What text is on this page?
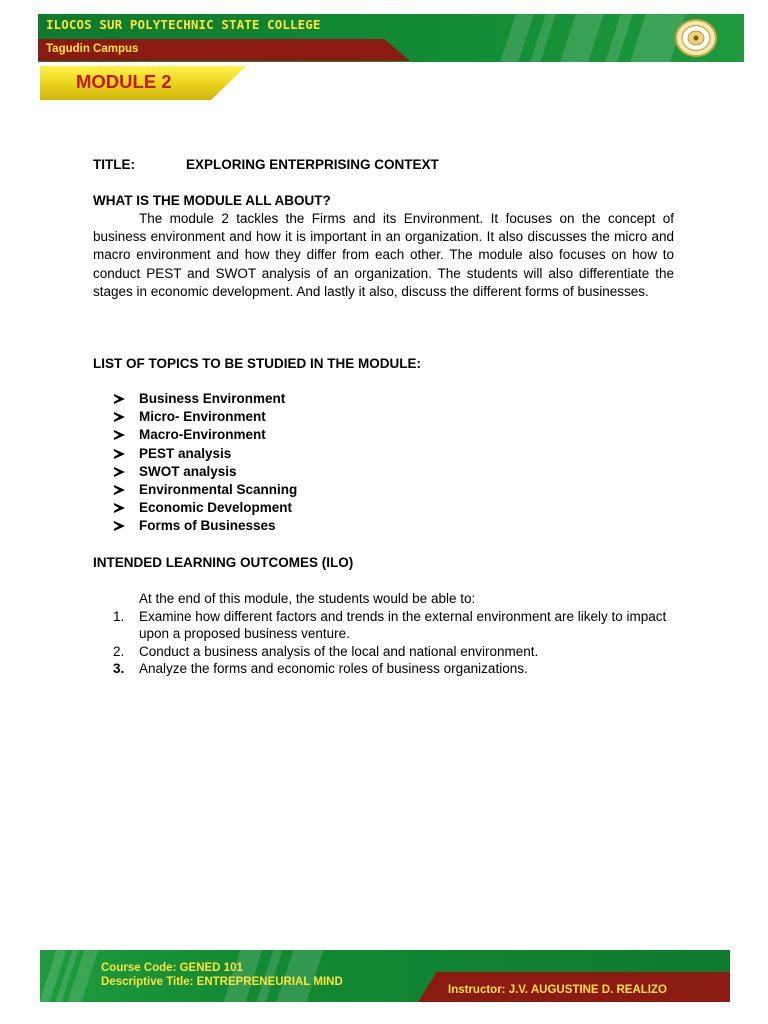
ILOCOS SUR POLYTECHNIC STATE COLLEGE
Tagudin Campus
MODULE 2
TITLE:	EXPLORING ENTERPRISING CONTEXT
WHAT IS THE MODULE ALL ABOUT?

The module 2 tackles the Firms and its Environment. It focuses on the concept of business environment and how it is important in an organization. It also discusses the micro and macro environment and how they differ from each other. The module also focuses on how to conduct PEST and SWOT analysis of an organization. The students will also differentiate the stages in economic development. And lastly it also, discuss the different forms of businesses.

LIST OF TOPICS TO BE STUDIED IN THE MODULE:
Business Environment
Micro- Environment
Macro-Environment
PEST analysis
SWOT analysis
Environmental Scanning
Economic Development
Forms of Businesses
INTENDED LEARNING OUTCOMES (ILO)
At the end of this module, the students would be able to:
1. Examine how different factors and trends in the external environment are likely to impact upon a proposed business venture.
2. Conduct a business analysis of the local and national environment.
3. Analyze the forms and economic roles of business organizations.
Course Code: GENED 101
Descriptive Title: ENTREPRENEURIAL MIND
Instructor: J.V. AUGUSTINE D. REALIZO
